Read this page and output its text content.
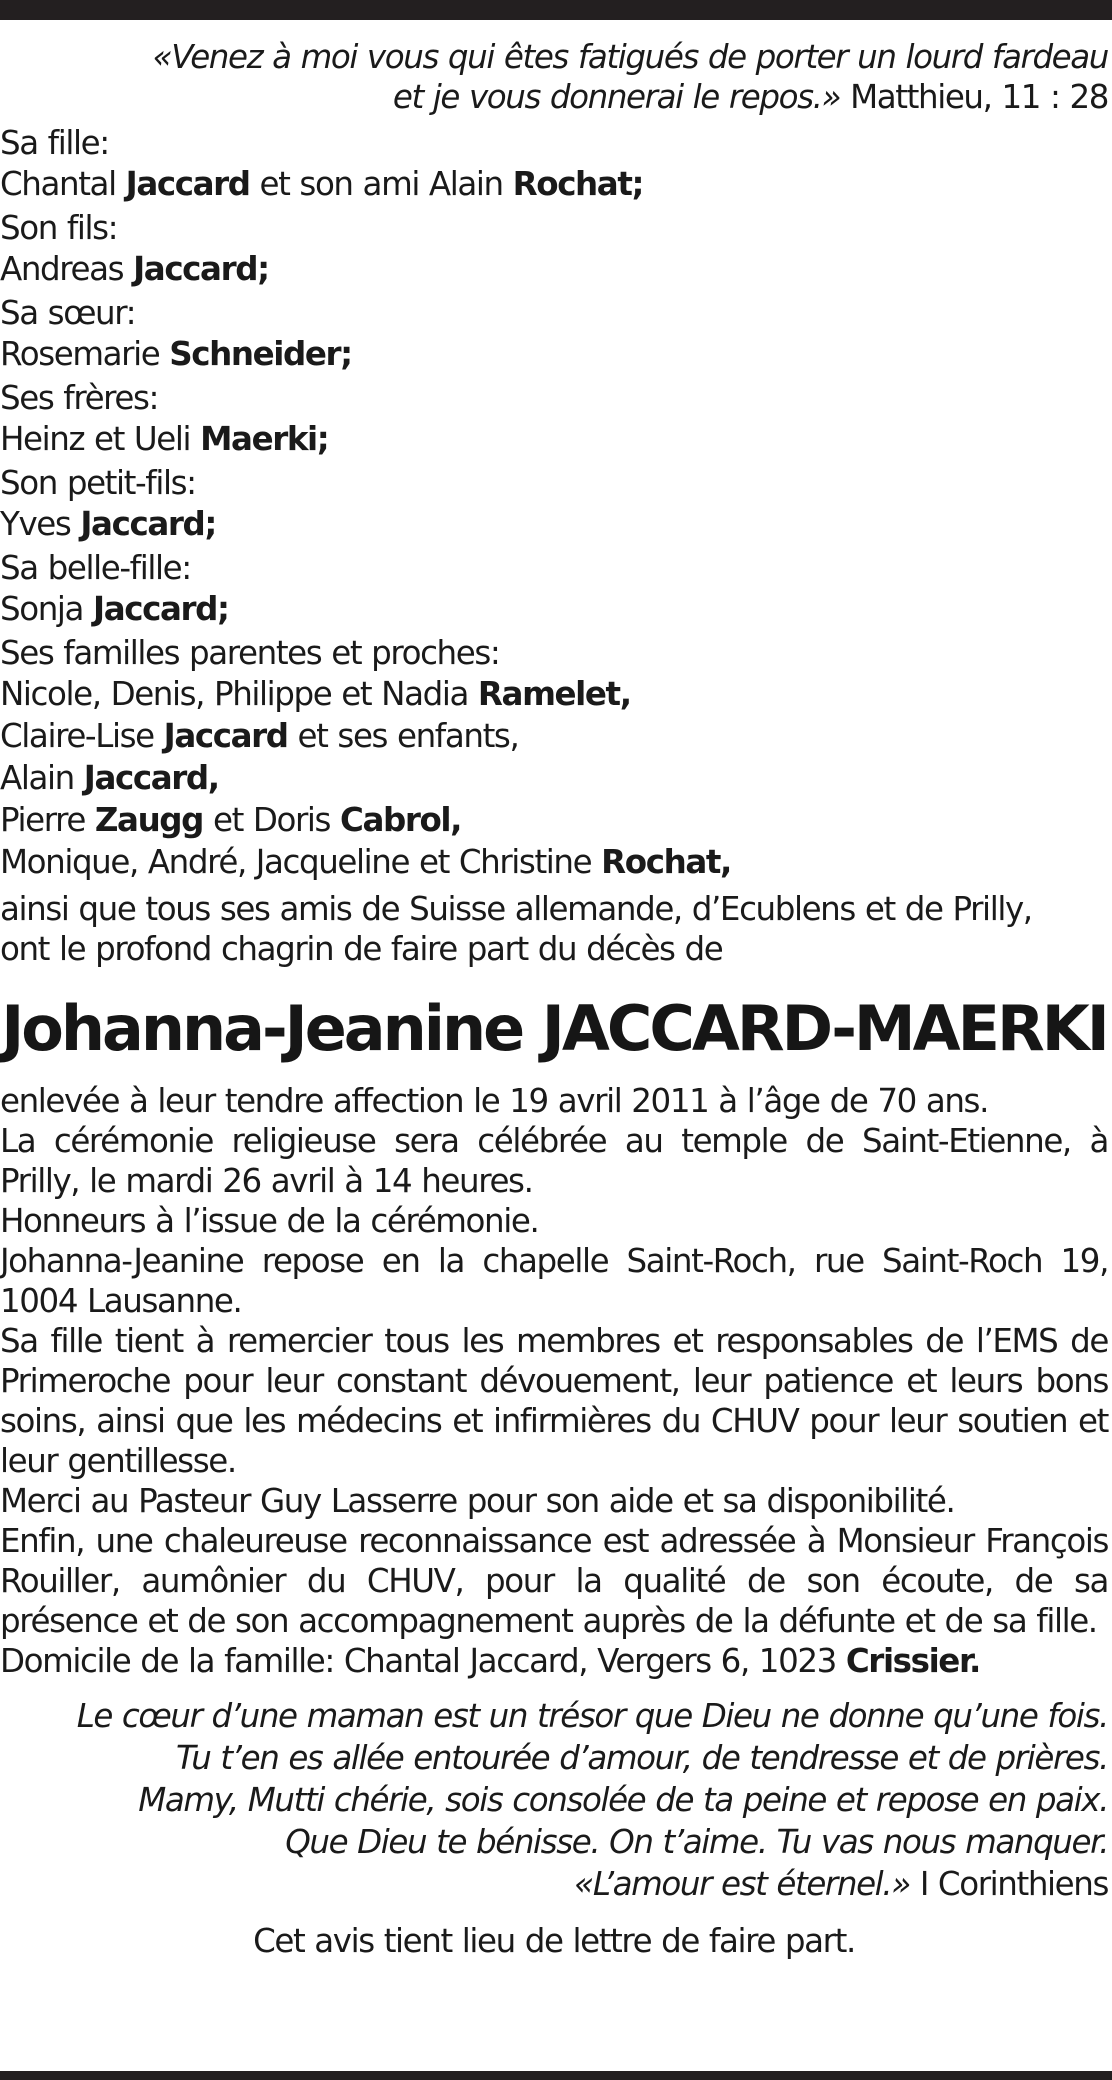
«Venez à moi vous qui êtes fatigués de porter un lourd fardeau
et je vous donnerai le repos.» Matthieu, 11 : 28
Sa fille:
Chantal Jaccard et son ami Alain Rochat;
Son fils:
Andreas Jaccard;
Sa sœur:
Rosemarie Schneider;
Ses frères:
Heinz et Ueli Maerki;
Son petit-fils:
Yves Jaccard;
Sa belle-fille:
Sonja Jaccard;
Ses familles parentes et proches:
Nicole, Denis, Philippe et Nadia Ramelet,
Claire-Lise Jaccard et ses enfants,
Alain Jaccard,
Pierre Zaugg et Doris Cabrol,
Monique, André, Jacqueline et Christine Rochat,
ainsi que tous ses amis de Suisse allemande, d’Ecublens et de Prilly,
ont le profond chagrin de faire part du décès de
Johanna-Jeanine JACCARD-MAERKI
enlevée à leur tendre affection le 19 avril 2011 à l’âge de 70 ans.
La cérémonie religieuse sera célébrée au temple de Saint-Etienne, à Prilly, le mardi 26 avril à 14 heures.
Honneurs à l’issue de la cérémonie.
Johanna-Jeanine repose en la chapelle Saint-Roch, rue Saint-Roch 19, 1004 Lausanne.
Sa fille tient à remercier tous les membres et responsables de l’EMS de Primeroche pour leur constant dévouement, leur patience et leurs bons soins, ainsi que les médecins et infirmières du CHUV pour leur soutien et leur gentillesse.
Merci au Pasteur Guy Lasserre pour son aide et sa disponibilité.
Enfin, une chaleureuse reconnaissance est adressée à Monsieur François Rouiller, aumônier du CHUV, pour la qualité de son écoute, de sa présence et de son accompagnement auprès de la défunte et de sa fille.
Domicile de la famille: Chantal Jaccard, Vergers 6, 1023 Crissier.
Le cœur d’une maman est un trésor que Dieu ne donne qu’une fois.
Tu t’en es allée entourée d’amour, de tendresse et de prières.
Mamy, Mutti chérie, sois consolée de ta peine et repose en paix.
Que Dieu te bénisse. On t’aime. Tu vas nous manquer.
«L’amour est éternel.» I Corinthiens
Cet avis tient lieu de lettre de faire part.
